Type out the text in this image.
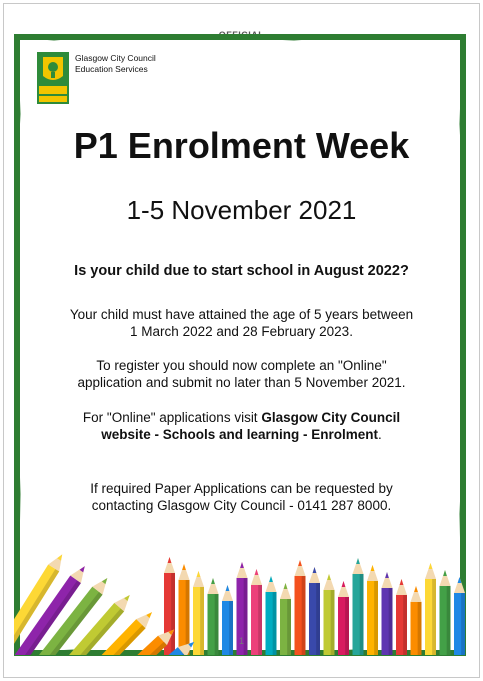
OFFICIAL
Glasgow City Council
Education Services
P1 Enrolment Week
1-5 November 2021
Is your child due to start school in August 2022?
Your child must have attained the age of 5 years between
1 March 2022 and 28 February 2023.
To register you should now complete an "Online"
application and submit no later than 5 November 2021.
For "Online" applications visit Glasgow City Council
website - Schools and learning - Enrolment.
If required Paper Applications can be requested by
contacting Glasgow City Council - 0141 287 8000.
1
